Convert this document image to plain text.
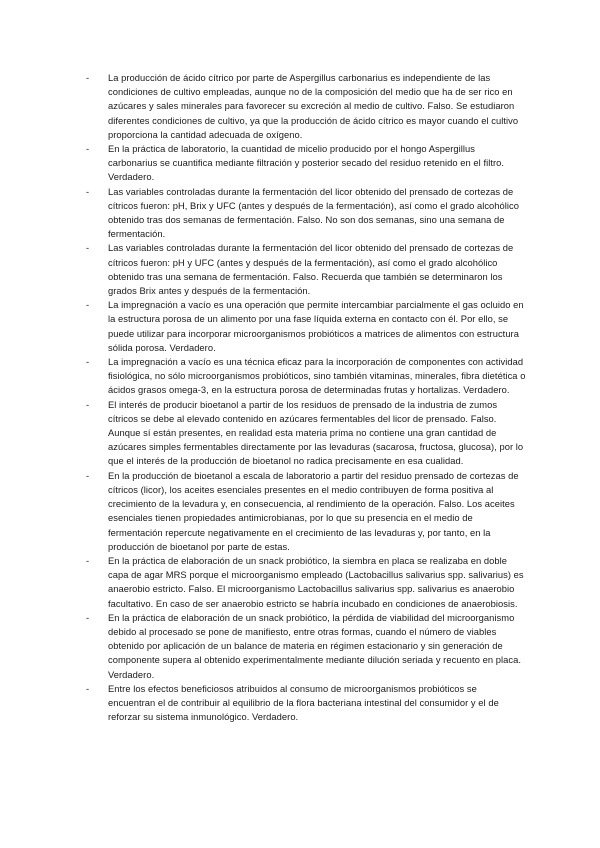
-	La producción de ácido cítrico por parte de Aspergillus carbonarius es independiente de las condiciones de cultivo empleadas, aunque no de la composición del medio que ha de ser rico en azúcares y sales minerales para favorecer su excreción al medio de cultivo. Falso. Se estudiaron diferentes condiciones de cultivo, ya que la producción de ácido cítrico es mayor cuando el cultivo proporciona la cantidad adecuada de oxígeno.
-	En la práctica de laboratorio, la cuantidad de micelio producido por el hongo Aspergillus carbonarius se cuantifica mediante filtración y posterior secado del residuo retenido en el filtro. Verdadero.
-	Las variables controladas durante la fermentación del licor obtenido del prensado de cortezas de cítricos fueron: pH, Brix y UFC (antes y después de la fermentación), así como el grado alcohólico obtenido tras dos semanas de fermentación. Falso. No son dos semanas, sino una semana de fermentación.
-	Las variables controladas durante la fermentación del licor obtenido del prensado de cortezas de cítricos fueron: pH y UFC (antes y después de la fermentación), así como el grado alcohólico obtenido tras una semana de fermentación. Falso. Recuerda que también se determinaron los grados Brix antes y después de la fermentación.
-	La impregnación a vacío es una operación que permite intercambiar parcialmente el gas ocluido en la estructura porosa de un alimento por una fase líquida externa en contacto con él. Por ello, se puede utilizar para incorporar microorganismos probióticos a matrices de alimentos con estructura sólida porosa. Verdadero.
-	La impregnación a vacío es una técnica eficaz para la incorporación de componentes con actividad fisiológica, no sólo microorganismos probióticos, sino también vitaminas, minerales, fibra dietética o ácidos grasos omega-3, en la estructura porosa de determinadas frutas y hortalizas. Verdadero.
-	El interés de producir bioetanol a partir de los residuos de prensado de la industria de zumos cítricos se debe al elevado contenido en azúcares fermentables del licor de prensado. Falso. Aunque sí están presentes, en realidad esta materia prima no contiene una gran cantidad de azúcares simples fermentables directamente por las levaduras (sacarosa, fructosa, glucosa), por lo que el interés de la producción de bioetanol no radica precisamente en esa cualidad.
-	En la producción de bioetanol a escala de laboratorio a partir del residuo prensado de cortezas de cítricos (licor), los aceites esenciales presentes en el medio contribuyen de forma positiva al crecimiento de la levadura y, en consecuencia, al rendimiento de la operación. Falso. Los aceites esenciales tienen propiedades antimicrobianas, por lo que su presencia en el medio de fermentación repercute negativamente en el crecimiento de las levaduras y, por tanto, en la producción de bioetanol por parte de estas.
-	En la práctica de elaboración de un snack probiótico, la siembra en placa se realizaba en doble capa de agar MRS porque el microorganismo empleado (Lactobacillus salivarius spp. salivarius) es anaerobio estricto. Falso. El microorganismo Lactobacillus salivarius spp. salivarius es anaerobio facultativo. En caso de ser anaerobio estricto se habría incubado en condiciones de anaerobiosis.
-	En la práctica de elaboración de un snack probiótico, la pérdida de viabilidad del microorganismo debido al procesado se pone de manifiesto, entre otras formas, cuando el número de viables obtenido por aplicación de un balance de materia en régimen estacionario y sin generación de componente supera al obtenido experimentalmente mediante dilución seriada y recuento en placa. Verdadero.
-	Entre los efectos beneficiosos atribuidos al consumo de microorganismos probióticos se encuentran el de contribuir al equilibrio de la flora bacteriana intestinal del consumidor y el de reforzar su sistema inmunológico. Verdadero.
